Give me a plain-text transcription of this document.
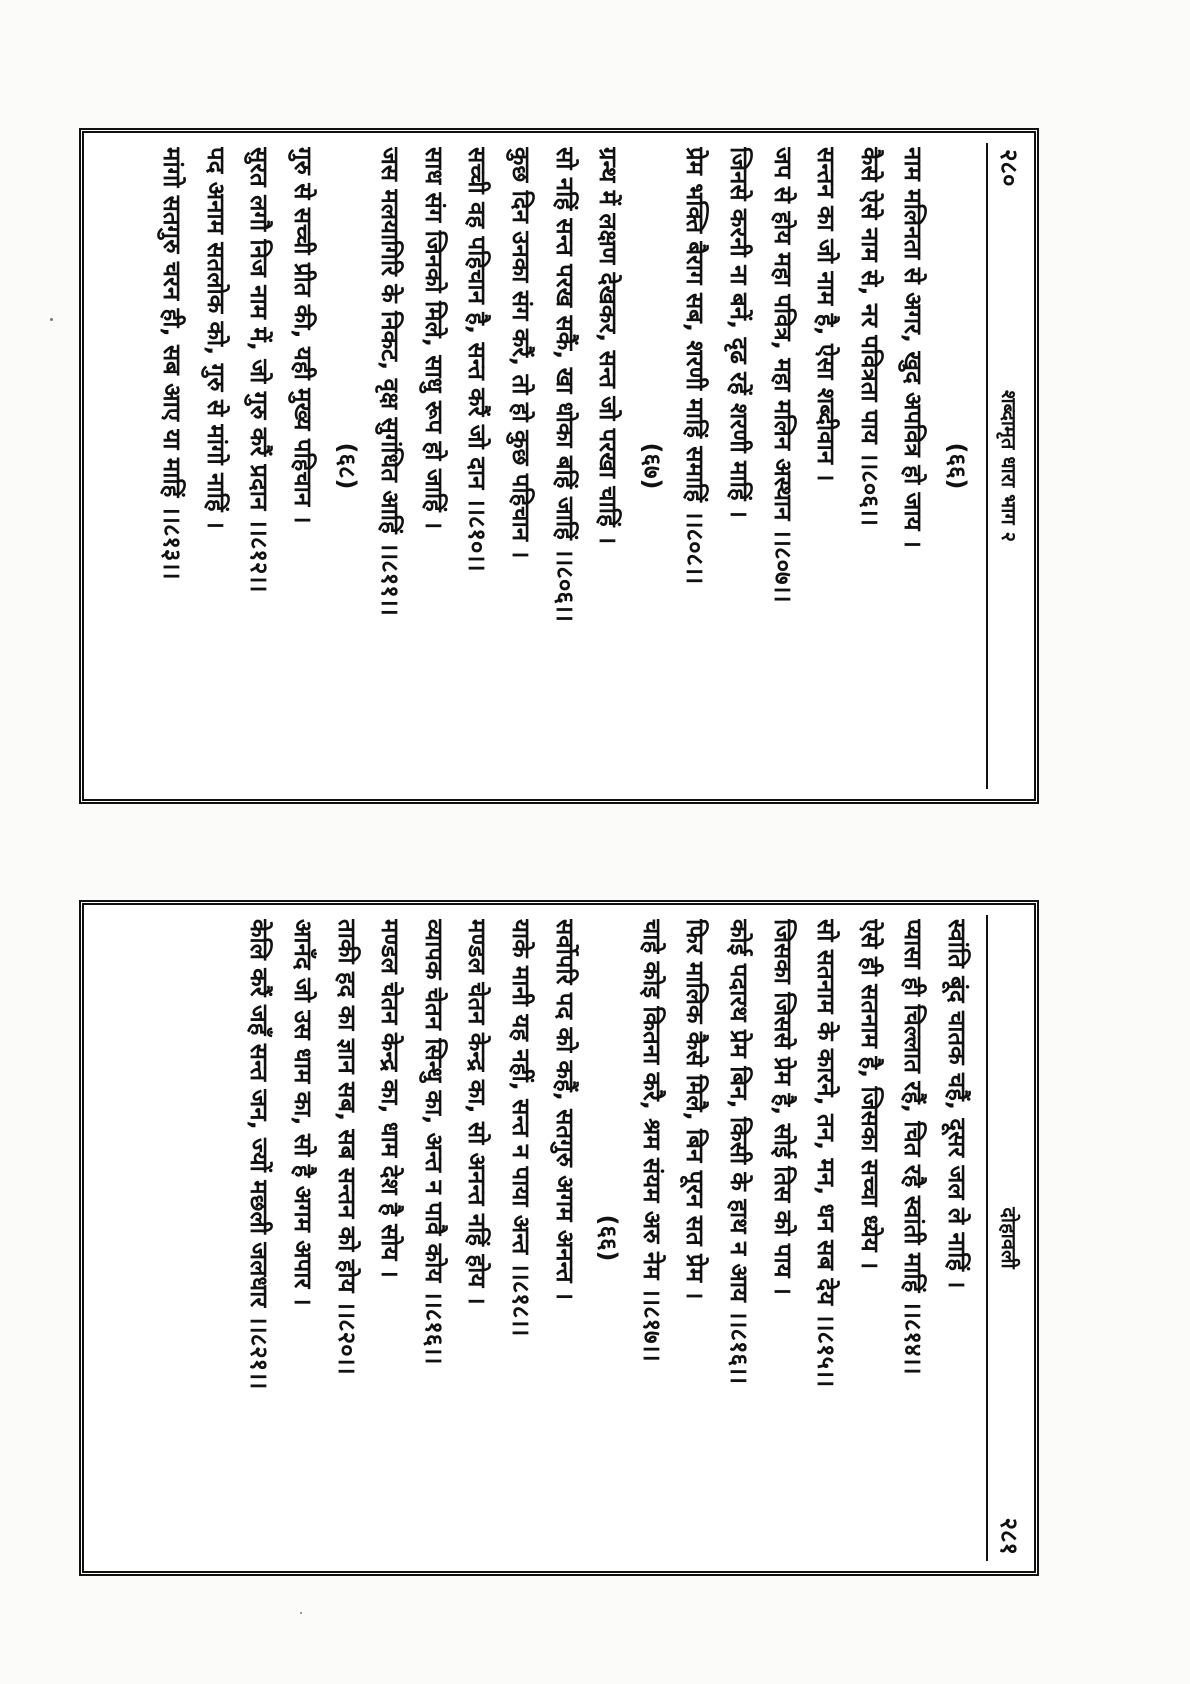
२८०
शब्दामृत धारा भाग २
(६६)
नाम मलिनता से अगर, खुद अपवित्र हो जाय ।
कैसे ऐसे नाम से, नर पवित्रता पाय ।।८०६।।
सन्तन का जो नाम है, ऐसा शब्दीवान ।
जप से होय महा पवित्र, महा मलिन अस्थान ।।८०७।।
जिनसे करनी ना बनें, दृढ रहें शरणी माहिं ।
प्रेम भक्ति बैराग सब, शरणी माहिं समाहिं ।।८०८।।
(६७)
ग्रन्थ में लक्षण देखकर, सन्त जो परखा चाहिं ।
सो नहिं सन्त परख सकैं, खा धोका बहिं जाहिं ।।८०६।।
कुछ दिन उनका संग करैं, तो हो कुछ पहिचान ।
सच्ची वह पहिचान है, सन्त करैं जो दान ।।८१०।।
साध संग जिनको मिले, साधु रूप हो जाहिं ।
जस मलयागिरि के निकट, वृक्ष सुगंधित आहिं ।।८११।।
(६८)
गुरु से सच्ची प्रीत की, यही मुख्य पहिचान ।
सुरत लगौ निज नाम में, जो गुरु करैं प्रदान ।।८१२।।
पद अनाम सतलोक को, गुरु से मांगो नाहिं ।
मांगो सतगुरु चरन ही, सब आए या माहिं ।।८१३।।
दोहावली
२८१
स्वांति बूंद चातक चहैं, दूसर जल ले नाहिं ।
प्यासा ही चिल्लात रहैं, चित रहै स्वांती माहिं ।।८१४।।
ऐसे ही सतनाम है, जिसका सच्चा ध्येय ।
सो सतनाम के कारने, तन, मन, धन सब देय ।।८१५।।
जिसका जिससे प्रेम है, सोई तिस को पाय ।
कोई पदारथ प्रेम बिन, किसी के हाथ न आय ।।८१६।।
फिर मालिक कैसे मिलै, बिन पूरन सत प्रेम ।
चाहे कोइ कितना करै, श्रम संयम अरु नेम ।।८१७।।
(६६)
सर्वोपरि पद को कहैं, सतगुरु अगम अनन्त ।
याके मानी यह नहीं, सन्त न पाया अन्त ।।८१८।।
मण्डल चेतन केन्द्र का, सो अनन्त नहिं होय ।
व्यापक चेतन सिन्धु का, अन्त न पावै कोय ।।८१६।।
मण्डल चेतन केन्द्र का, धाम देश है सोय ।
ताकी हद का ज्ञान सब, सब सन्तन को होय ।।८२०।।
आनँद जो उस धाम का, सो है अगम अपार ।
केलि करैं जहँ सन्त जन, ज्यों मछली जलधार ।।८२१।।
